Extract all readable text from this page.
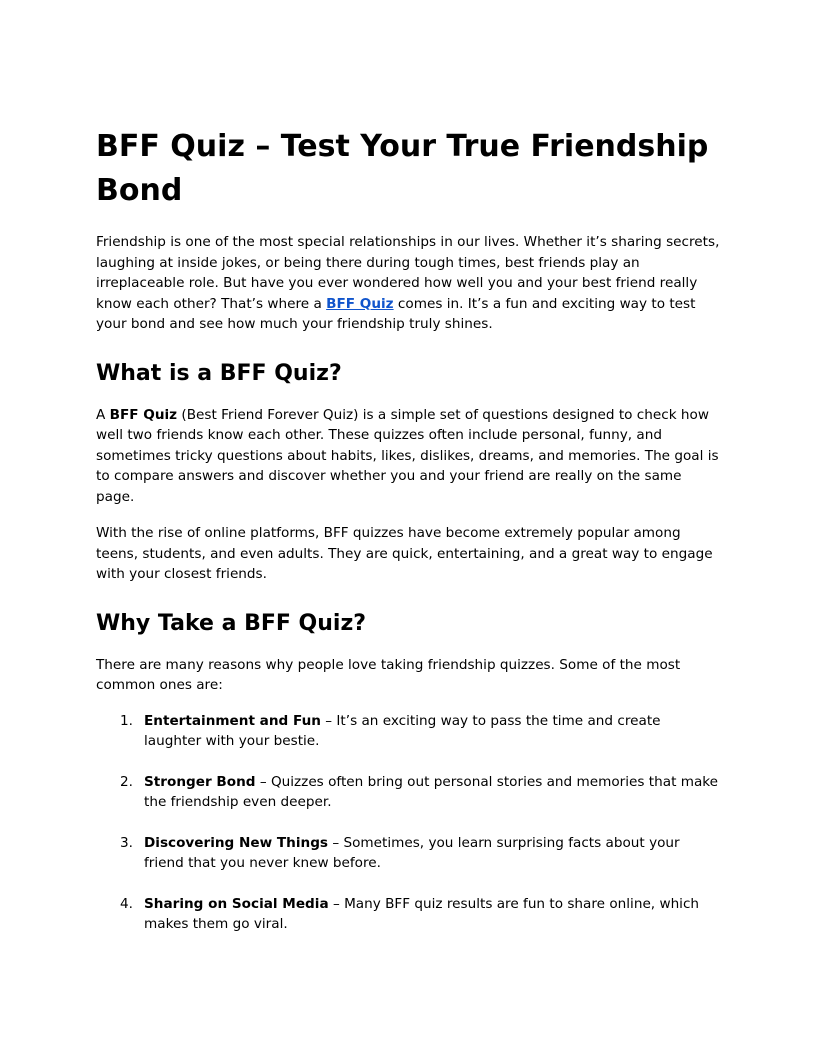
BFF Quiz – Test Your True Friendship Bond

Friendship is one of the most special relationships in our lives. Whether it’s sharing secrets, laughing at inside jokes, or being there during tough times, best friends play an irreplaceable role. But have you ever wondered how well you and your best friend really know each other? That’s where a BFF Quiz comes in. It’s a fun and exciting way to test your bond and see how much your friendship truly shines.

What is a BFF Quiz?

A BFF Quiz (Best Friend Forever Quiz) is a simple set of questions designed to check how well two friends know each other. These quizzes often include personal, funny, and sometimes tricky questions about habits, likes, dislikes, dreams, and memories. The goal is to compare answers and discover whether you and your friend are really on the same page.

With the rise of online platforms, BFF quizzes have become extremely popular among teens, students, and even adults. They are quick, entertaining, and a great way to engage with your closest friends.

Why Take a BFF Quiz?

There are many reasons why people love taking friendship quizzes. Some of the most common ones are:

1. Entertainment and Fun – It’s an exciting way to pass the time and create laughter with your bestie.
2. Stronger Bond – Quizzes often bring out personal stories and memories that make the friendship even deeper.
3. Discovering New Things – Sometimes, you learn surprising facts about your friend that you never knew before.
4. Sharing on Social Media – Many BFF quiz results are fun to share online, which makes them go viral.
